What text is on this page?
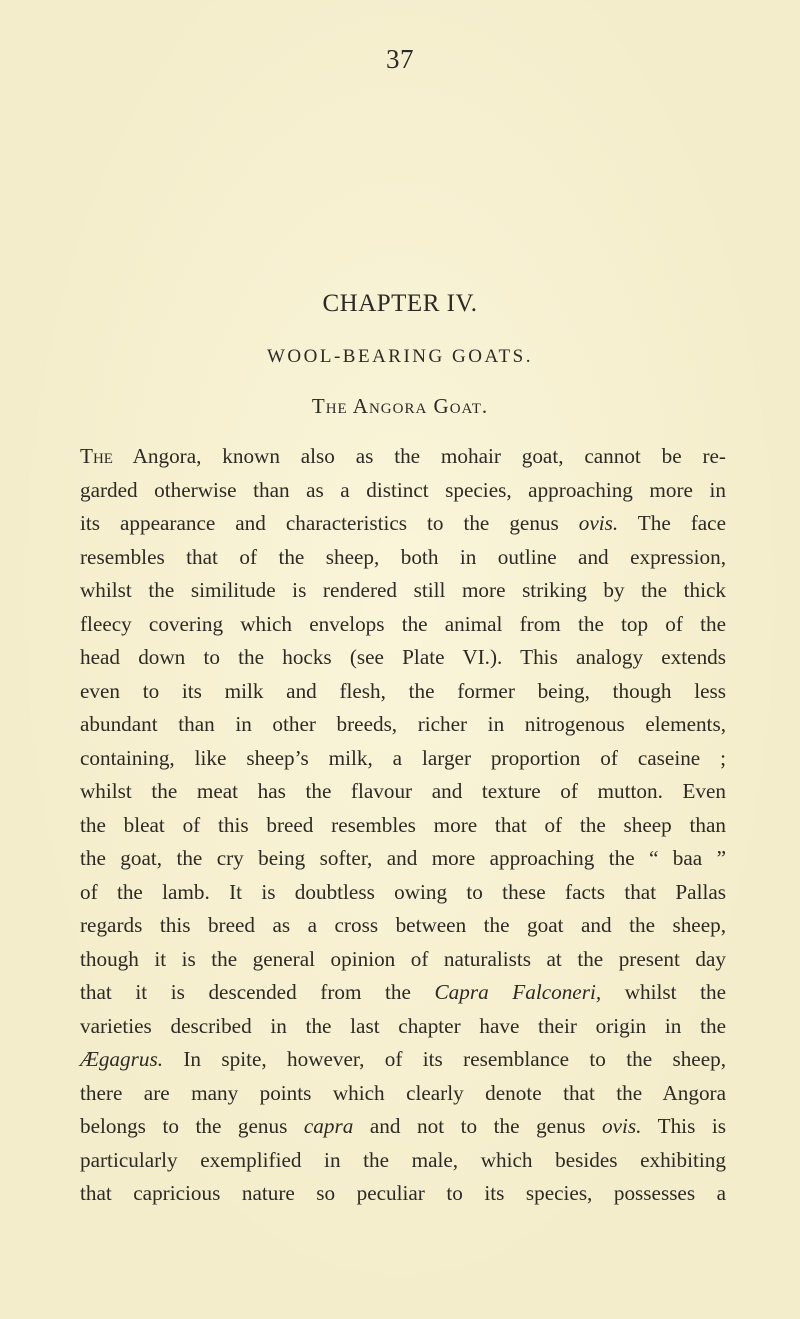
37
CHAPTER IV.
WOOL-BEARING GOATS.
The Angora Goat.
The Angora, known also as the mohair goat, cannot be re-
garded otherwise than as a distinct species, approaching more in
its appearance and characteristics to the genus ovis. The face
resembles that of the sheep, both in outline and expression,
whilst the similitude is rendered still more striking by the thick
fleecy covering which envelops the animal from the top of the
head down to the hocks (see Plate VI.). This analogy extends
even to its milk and flesh, the former being, though less
abundant than in other breeds, richer in nitrogenous elements,
containing, like sheep’s milk, a larger proportion of caseine ;
whilst the meat has the flavour and texture of mutton. Even
the bleat of this breed resembles more that of the sheep than
the goat, the cry being softer, and more approaching the “ baa ”
of the lamb. It is doubtless owing to these facts that Pallas
regards this breed as a cross between the goat and the sheep,
though it is the general opinion of naturalists at the present day
that it is descended from the Capra Falconeri, whilst the
varieties described in the last chapter have their origin in the
Ægagrus. In spite, however, of its resemblance to the sheep,
there are many points which clearly denote that the Angora
belongs to the genus capra and not to the genus ovis. This is
particularly exemplified in the male, which besides exhibiting
that capricious nature so peculiar to its species, possesses a
